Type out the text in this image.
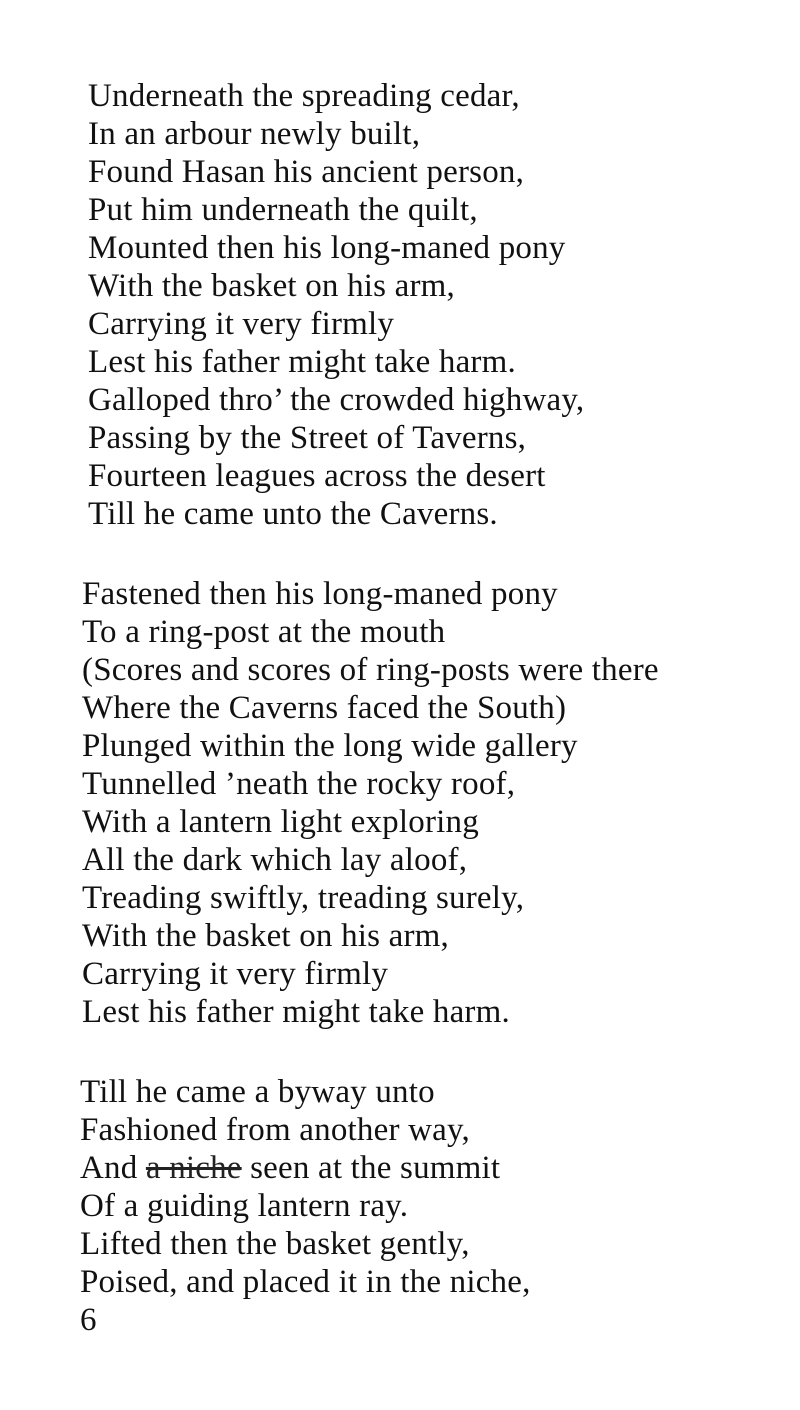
Underneath the spreading cedar,
In an arbour newly built,
Found Hasan his ancient person,
Put him underneath the quilt,
Mounted then his long-maned pony
With the basket on his arm,
Carrying it very firmly
Lest his father might take harm.
Galloped thro’ the crowded highway,
Passing by the Street of Taverns,
Fourteen leagues across the desert
Till he came unto the Caverns.
Fastened then his long-maned pony
To a ring-post at the mouth
(Scores and scores of ring-posts were there
Where the Caverns faced the South)
Plunged within the long wide gallery
Tunnelled ’neath the rocky roof,
With a lantern light exploring
All the dark which lay aloof,
Treading swiftly, treading surely,
With the basket on his arm,
Carrying it very firmly
Lest his father might take harm.
Till he came a byway unto
Fashioned from another way,
And a niche seen at the summit
Of a guiding lantern ray.
Lifted then the basket gently,
Poised, and placed it in the niche,
6
